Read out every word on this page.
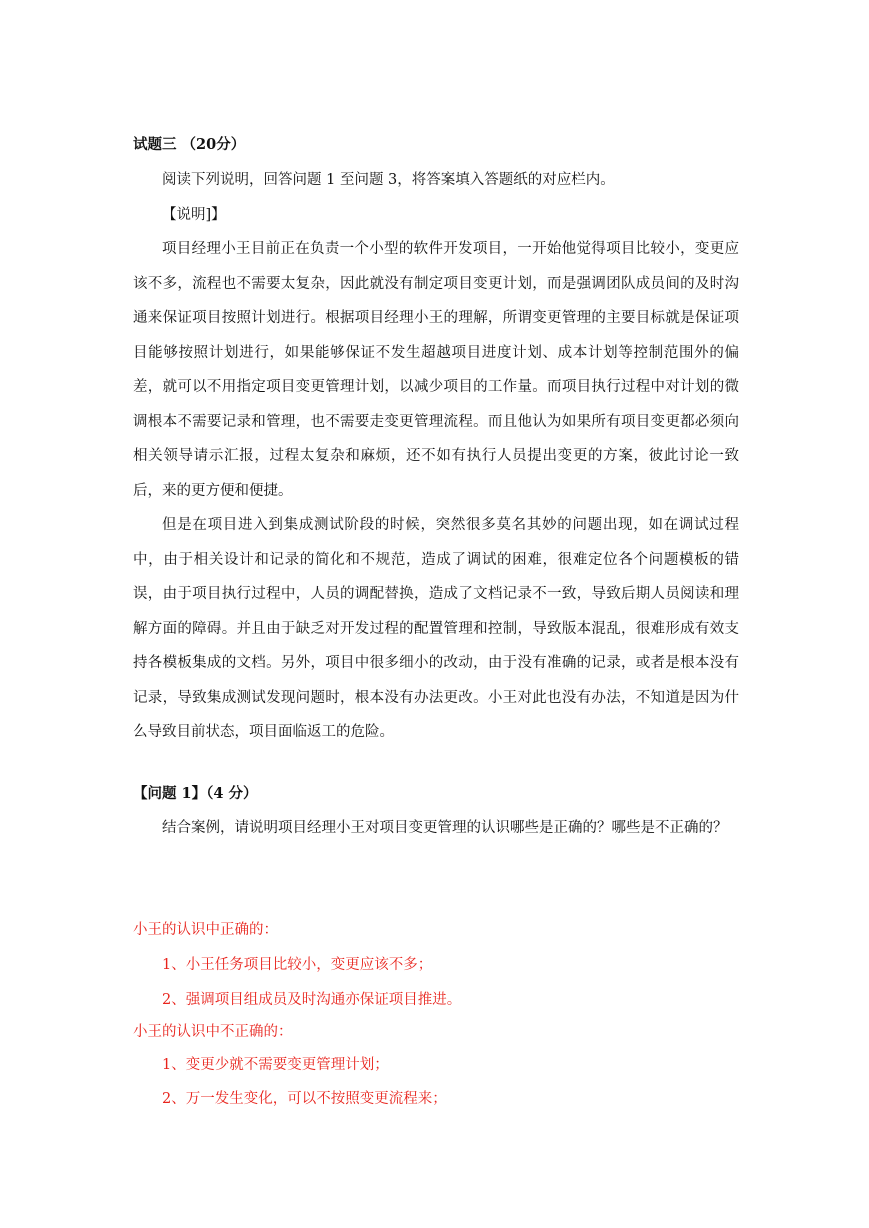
试题三 （20分）
阅读下列说明，回答问题 1 至问题 3，将答案填入答题纸的对应栏内。
【说明]】
项目经理小王目前正在负责一个小型的软件开发项目，一开始他觉得项目比较小，变更应该不多，流程也不需要太复杂，因此就没有制定项目变更计划，而是强调团队成员间的及时沟通来保证项目按照计划进行。根据项目经理小王的理解，所谓变更管理的主要目标就是保证项目能够按照计划进行，如果能够保证不发生超越项目进度计划、成本计划等控制范围外的偏差，就可以不用指定项目变更管理计划，以减少项目的工作量。而项目执行过程中对计划的微调根本不需要记录和管理，也不需要走变更管理流程。而且他认为如果所有项目变更都必须向相关领导请示汇报，过程太复杂和麻烦，还不如有执行人员提出变更的方案，彼此讨论一致后，来的更方便和便捷。
但是在项目进入到集成测试阶段的时候，突然很多莫名其妙的问题出现，如在调试过程中，由于相关设计和记录的简化和不规范，造成了调试的困难，很难定位各个问题模板的错误，由于项目执行过程中，人员的调配替换，造成了文档记录不一致，导致后期人员阅读和理解方面的障碍。并且由于缺乏对开发过程的配置管理和控制，导致版本混乱，很难形成有效支持各模板集成的文档。另外，项目中很多细小的改动，由于没有准确的记录，或者是根本没有记录，导致集成测试发现问题时，根本没有办法更改。小王对此也没有办法，不知道是因为什么导致目前状态，项目面临返工的危险。
【问题 1】（4 分）
结合案例，请说明项目经理小王对项目变更管理的认识哪些是正确的？哪些是不正确的？
小王的认识中正确的：
1、小王任务项目比较小，变更应该不多；
2、强调项目组成员及时沟通亦保证项目推进。
小王的认识中不正确的：
1、变更少就不需要变更管理计划；
2、万一发生变化，可以不按照变更流程来；
